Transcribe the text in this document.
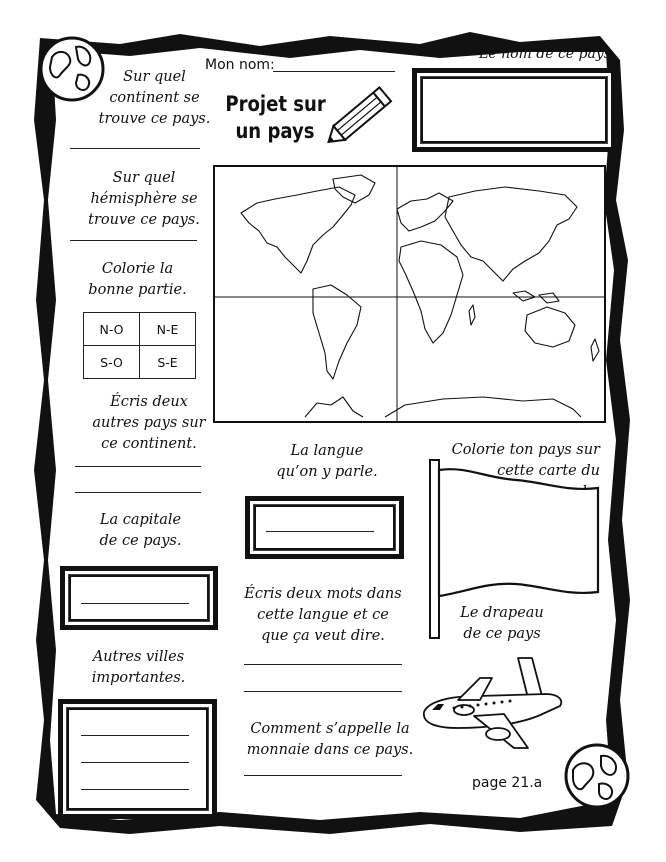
Mon nom:
Projet sur
un pays
Le nom de ce pays
Sur quel
continent se
trouve ce pays.
Sur quel
hémisphère se
trouve ce pays.
Colorie la
bonne partie.
N-O	N-E
S-O	S-E
Écris deux
autres pays sur
ce continent.
La capitale
de ce pays.
Autres villes
importantes.
La langue
qu’on y parle.
Écris deux mots dans
cette langue et ce
que ça veut dire.
Comment s’appelle la
monnaie dans ce pays.
Colorie ton pays sur
cette carte du
Le drapeau
de ce pays
page 21.a
